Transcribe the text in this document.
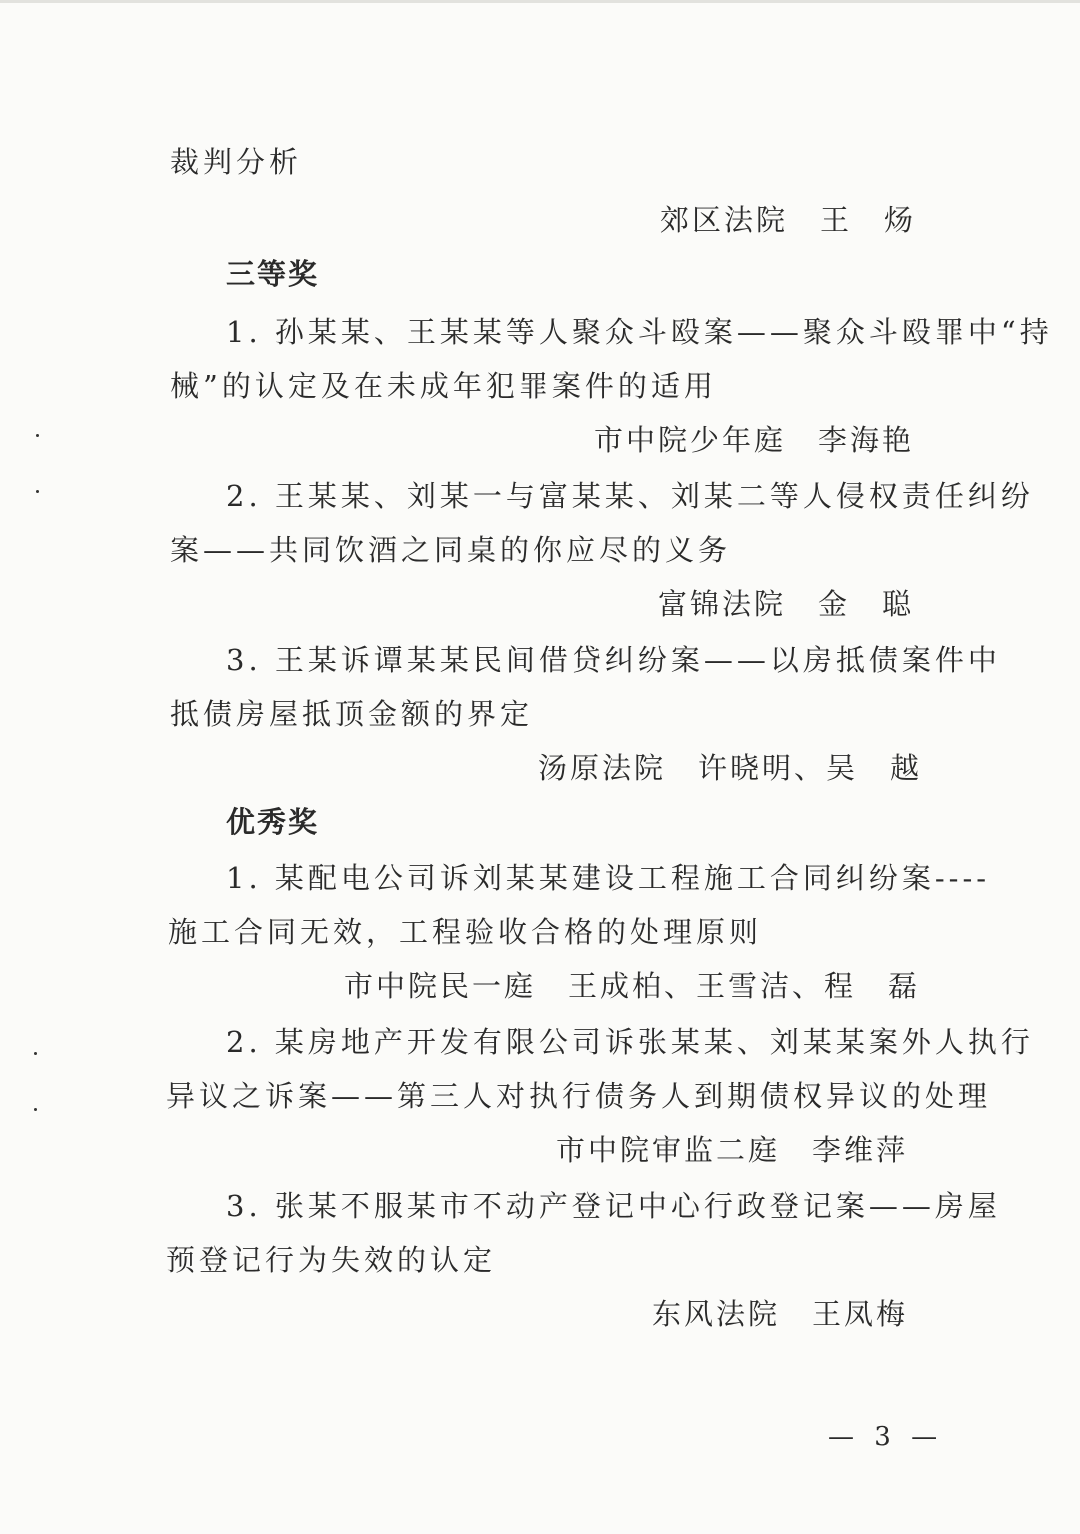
裁判分析
郊区法院　王　炀
三等奖
1. 孙某某、王某某等人聚众斗殴案——聚众斗殴罪中“持
械”的认定及在未成年犯罪案件的适用
市中院少年庭　李海艳
2. 王某某、刘某一与富某某、刘某二等人侵权责任纠纷
案——共同饮酒之同桌的你应尽的义务
富锦法院　金　聪
3. 王某诉谭某某民间借贷纠纷案——以房抵债案件中
抵债房屋抵顶金额的界定
汤原法院　许晓明、吴　越
优秀奖
1. 某配电公司诉刘某某建设工程施工合同纠纷案----
施工合同无效，工程验收合格的处理原则
市中院民一庭　王成柏、王雪洁、程　磊
2. 某房地产开发有限公司诉张某某、刘某某案外人执行
异议之诉案——第三人对执行债务人到期债权异议的处理
市中院审监二庭　李维萍
3. 张某不服某市不动产登记中心行政登记案——房屋
预登记行为失效的认定
东风法院　王凤梅
— 3 —
